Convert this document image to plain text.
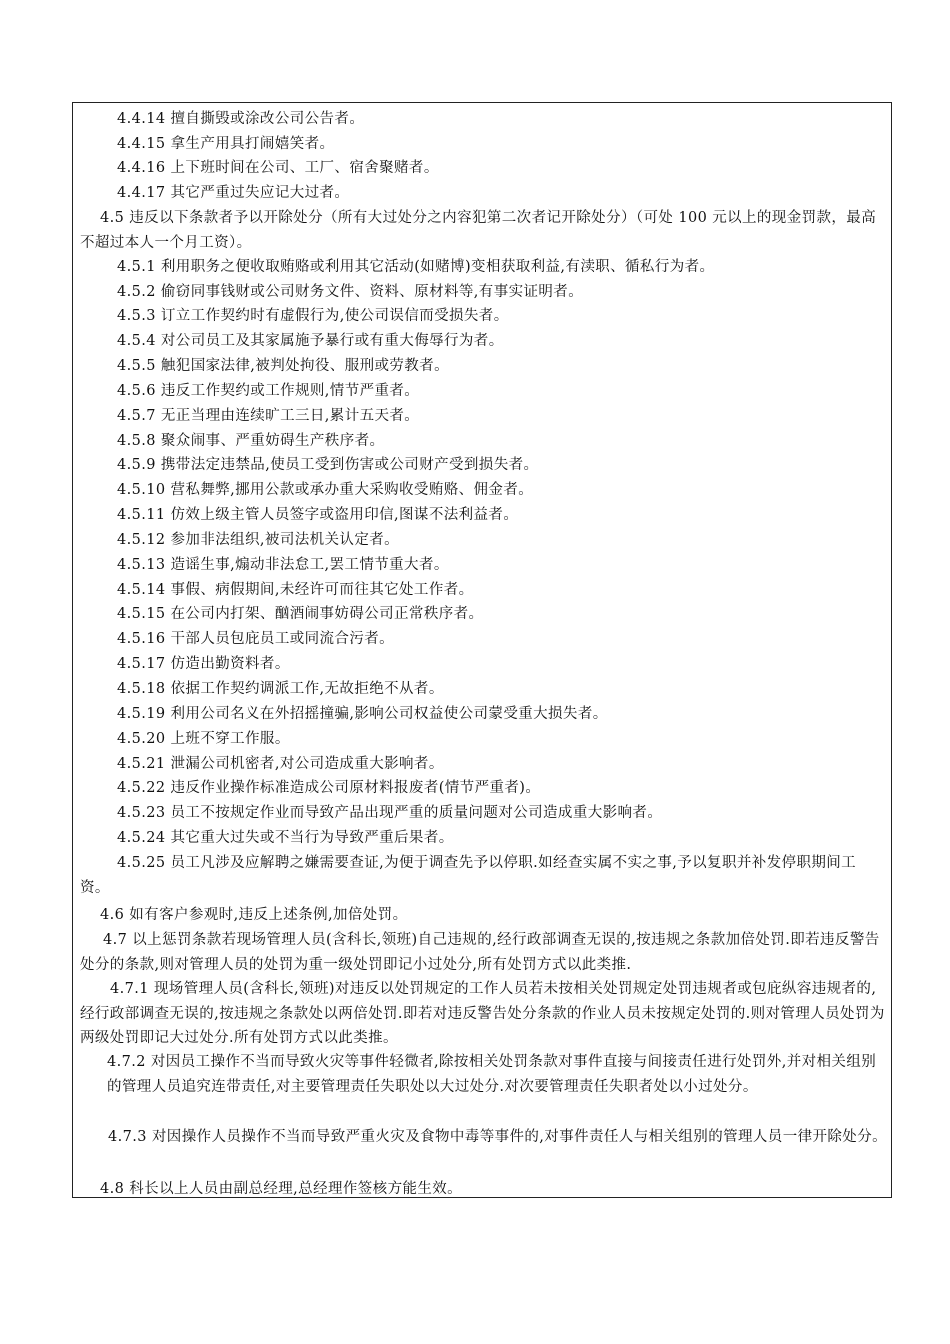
4.4.14 擅自撕毁或涂改公司公告者。
4.4.15 拿生产用具打闹嬉笑者。
4.4.16 上下班时间在公司、工厂、宿舍聚赌者。
4.4.17 其它严重过失应记大过者。
4.5 违反以下条款者予以开除处分（所有大过处分之内容犯第二次者记开除处分）（可处 100 元以上的现金罚款，最高不超过本人一个月工资）。
4.5.1 利用职务之便收取贿赂或利用其它活动(如赌博)变相获取利益,有渎职、循私行为者。
4.5.2 偷窃同事钱财或公司财务文件、资料、原材料等,有事实证明者。
4.5.3 订立工作契约时有虚假行为,使公司误信而受损失者。
4.5.4 对公司员工及其家属施予暴行或有重大侮辱行为者。
4.5.5 触犯国家法律,被判处拘役、服刑或劳教者。
4.5.6 违反工作契约或工作规则,情节严重者。
4.5.7 无正当理由连续旷工三日,累计五天者。
4.5.8 聚众闹事、严重妨碍生产秩序者。
4.5.9 携带法定违禁品,使员工受到伤害或公司财产受到损失者。
4.5.10 营私舞弊,挪用公款或承办重大采购收受贿赂、佣金者。
4.5.11 仿效上级主管人员签字或盗用印信,图谋不法利益者。
4.5.12 参加非法组织,被司法机关认定者。
4.5.13 造谣生事,煽动非法怠工,罢工情节重大者。
4.5.14 事假、病假期间,未经许可而往其它处工作者。
4.5.15 在公司内打架、酗酒闹事妨碍公司正常秩序者。
4.5.16 干部人员包庇员工或同流合污者。
4.5.17 仿造出勤资料者。
4.5.18 依据工作契约调派工作,无故拒绝不从者。
4.5.19 利用公司名义在外招摇撞骗,影响公司权益使公司蒙受重大损失者。
4.5.20 上班不穿工作服。
4.5.21 泄漏公司机密者,对公司造成重大影响者。
4.5.22 违反作业操作标准造成公司原材料报废者(情节严重者)。
4.5.23 员工不按规定作业而导致产品出现严重的质量问题对公司造成重大影响者。
4.5.24 其它重大过失或不当行为导致严重后果者。
4.5.25 员工凡涉及应解聘之嫌需要查证,为便于调查先予以停职.如经查实属不实之事,予以复职并补发停职期间工资。
4.6 如有客户参观时,违反上述条例,加倍处罚。
4.7 以上惩罚条款若现场管理人员(含科长,领班)自己违规的,经行政部调查无误的,按违规之条款加倍处罚.即若违反警告处分的条款,则对管理人员的处罚为重一级处罚即记小过处分,所有处罚方式以此类推.
4.7.1 现场管理人员(含科长,领班)对违反以处罚规定的工作人员若未按相关处罚规定处罚违规者或包庇纵容违规者的,经行政部调查无误的,按违规之条款处以两倍处罚.即若对违反警告处分条款的作业人员未按规定处罚的.则对管理人员处罚为两级处罚即记大过处分.所有处罚方式以此类推。
4.7.2 对因员工操作不当而导致火灾等事件轻微者,除按相关处罚条款对事件直接与间接责任进行处罚外,并对相关组别的管理人员追究连带责任,对主要管理责任失职处以大过处分.对次要管理责任失职者处以小过处分。
4.7.3 对因操作人员操作不当而导致严重火灾及食物中毒等事件的,对事件责任人与相关组别的管理人员一律开除处分。
4.8 科长以上人员由副总经理,总经理作签核方能生效。
